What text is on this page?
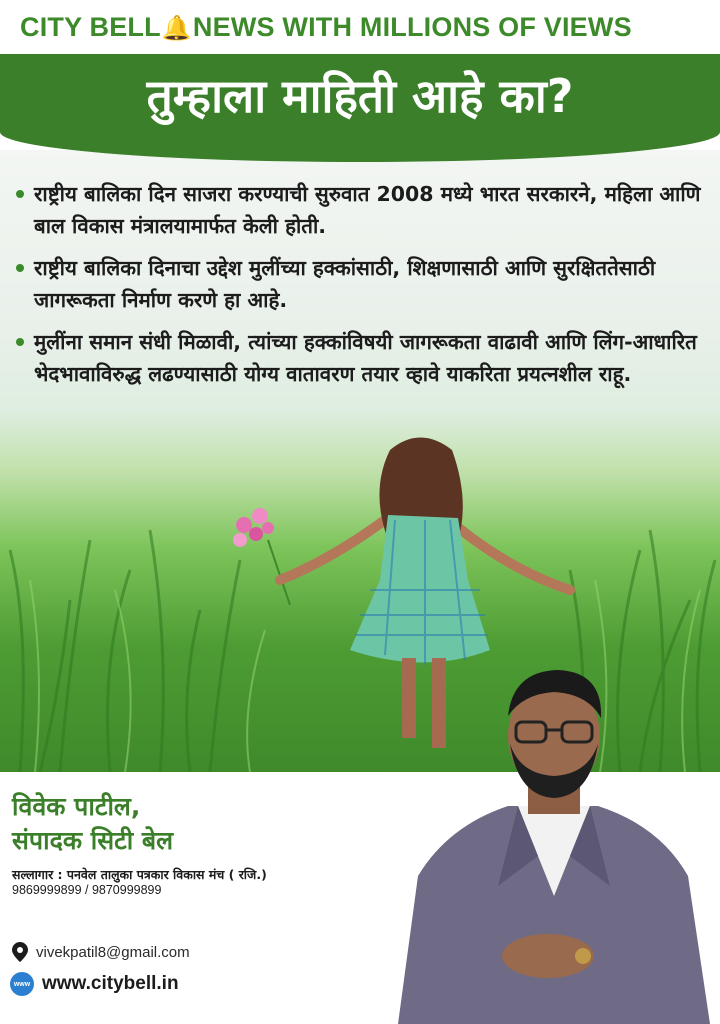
CITY BELL🔔NEWS WITH MILLIONS OF VIEWS
तुम्हाला माहिती आहे का?
राष्ट्रीय बालिका दिन साजरा करण्याची सुरुवात 2008 मध्ये भारत सरकारने, महिला आणि बाल विकास मंत्रालयामार्फत केली होती.
राष्ट्रीय बालिका दिनाचा उद्देश मुलींच्या हक्कांसाठी, शिक्षणासाठी आणि सुरक्षिततेसाठी जागरूकता निर्माण करणे हा आहे.
मुलींना समान संधी मिळावी, त्यांच्या हक्कांविषयी जागरूकता वाढावी आणि लिंग-आधारित भेदभावाविरुद्ध लढण्यासाठी योग्य वातावरण तयार व्हावे याकरिता प्रयत्नशील राहू.
विवेक पाटील,
संपादक सिटी बेल
सल्लागार : पनवेल तालुका पत्रकार विकास मंच ( रजि.)
9869999899 / 9870999899
vivekpatil8@gmail.com
www www.citybell.in
